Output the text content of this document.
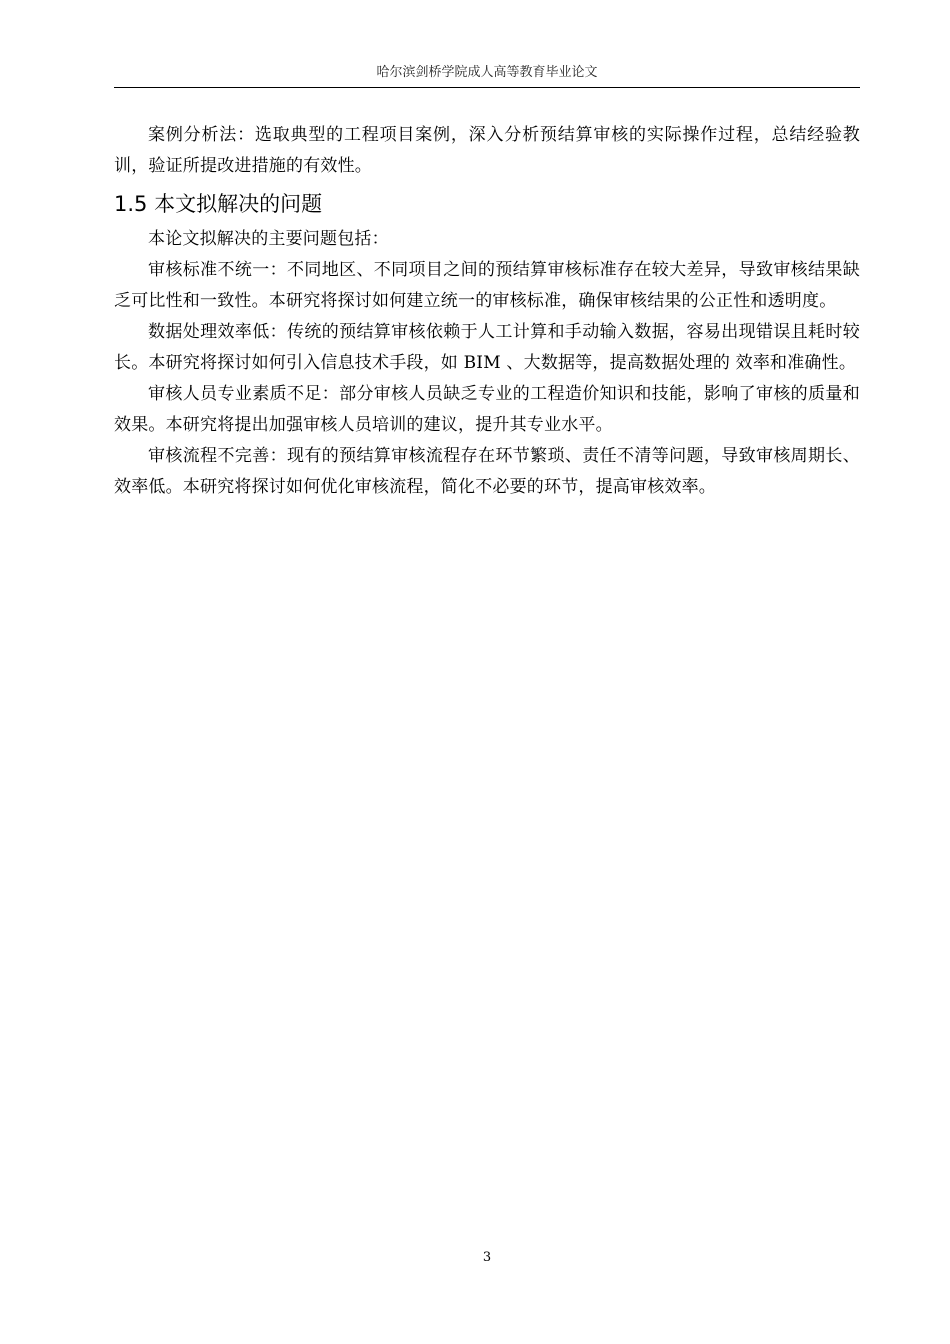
哈尔滨剑桥学院成人高等教育毕业论文

案例分析法：选取典型的工程项目案例，深入分析预结算审核的实际操作过程，总结经验教训，验证所提改进措施的有效性。

1.5 本文拟解决的问题

本论文拟解决的主要问题包括：

审核标准不统一：不同地区、不同项目之间的预结算审核标准存在较大差异，导致审核结果缺乏可比性和一致性。本研究将探讨如何建立统一的审核标准，确保审核结果的公正性和透明度。

数据处理效率低：传统的预结算审核依赖于人工计算和手动输入数据，容易出现错误且耗时较长。本研究将探讨如何引入信息技术手段，如 BIM 、大数据等，提高数据处理的 效率和准确性。

审核人员专业素质不足：部分审核人员缺乏专业的工程造价知识和技能，影响了审核的质量和效果。本研究将提出加强审核人员培训的建议，提升其专业水平。

审核流程不完善：现有的预结算审核流程存在环节繁琐、责任不清等问题，导致审核周期长、效率低。本研究将探讨如何优化审核流程，简化不必要的环节，提高审核效率。

3
